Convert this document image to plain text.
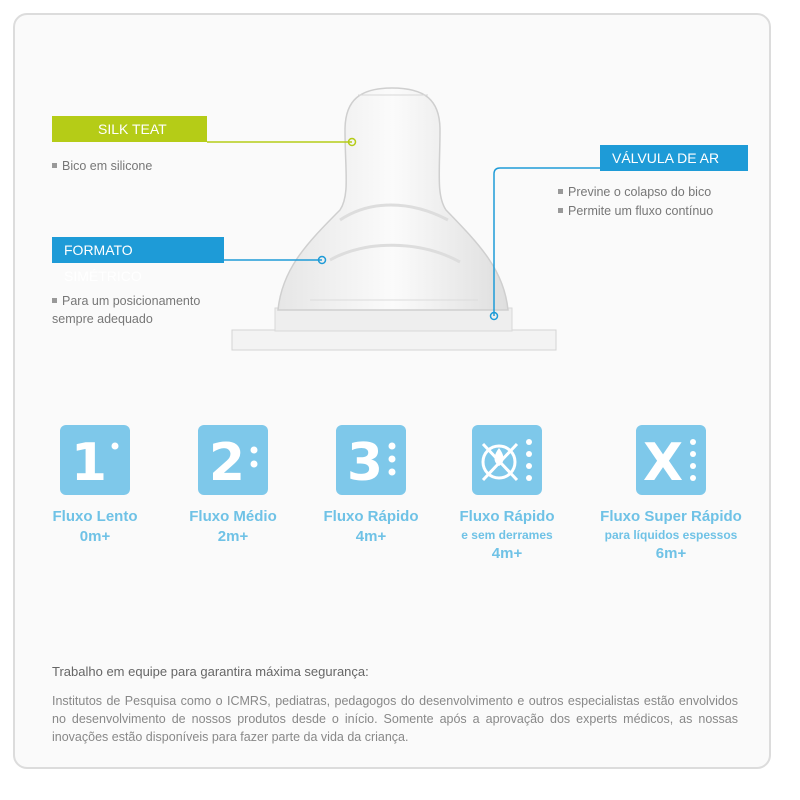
SILK TEAT
Bico em silicone
FORMATO SIMÉTRICO
Para um posicionamento sempre adequado
VÁLVULA DE AR
Previne o colapso do bico
Permite um fluxo contínuo
1
Fluxo Lento
0m+
2
Fluxo Médio
2m+
3
Fluxo Rápido
4m+
Fluxo Rápido
e sem derrames
4m+
X
Fluxo Super Rápido
para líquidos espessos
6m+
Trabalho em equipe para garantira máxima segurança:
Institutos de Pesquisa como o ICMRS, pediatras, pedagogos do desenvolvimento e outros especialistas estão envolvidos no desenvolvimento de nossos produtos desde o início. Somente após a aprovação dos experts médicos, as nossas inovações estão disponíveis para fazer parte da vida da criança.
